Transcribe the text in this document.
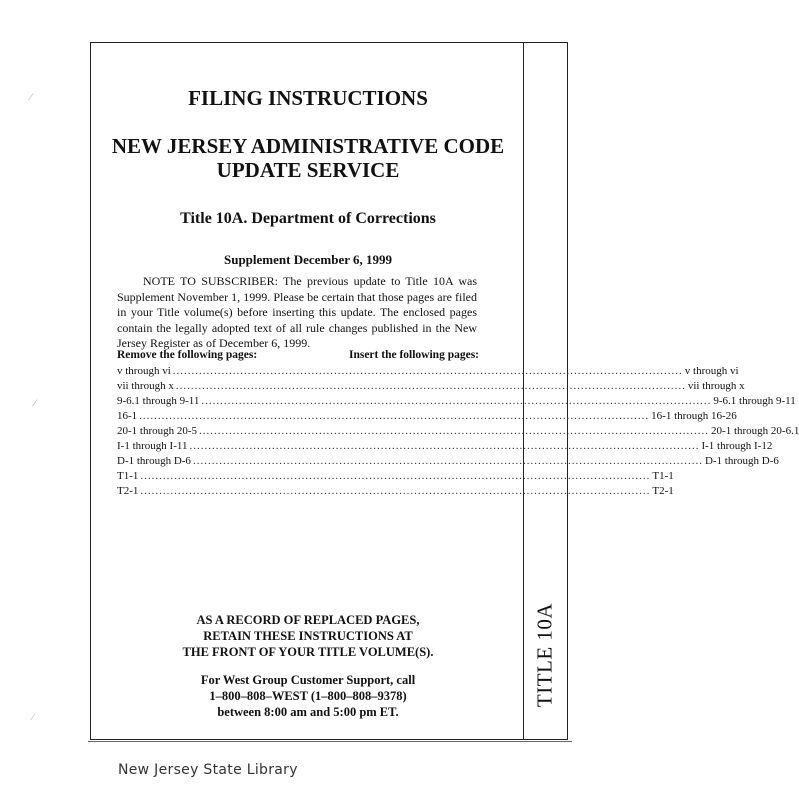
FILING INSTRUCTIONS
NEW JERSEY ADMINISTRATIVE CODE
UPDATE SERVICE
Title 10A. Department of Corrections
Supplement December 6, 1999
NOTE TO SUBSCRIBER: The previous update to Title 10A was Supplement November 1, 1999. Please be certain that those pages are filed in your Title volume(s) before inserting this update. The enclosed pages contain the legally adopted text of all rule changes published in the New Jersey Register as of December 6, 1999.
Remove the following pages:	Insert the following pages:
v through vi ........................................................................................................................................ v through vi
vii through x ........................................................................................................................................ vii through x
9-6.1 through 9-11 ........................................................................................................................................ 9-6.1 through 9-11
16-1 ........................................................................................................................................ 16-1 through 16-26
20-1 through 20-5 ........................................................................................................................................ 20-1 through 20-6.1
I-1 through I-11 ........................................................................................................................................ I-1 through I-12
D-1 through D-6 ........................................................................................................................................ D-1 through D-6
T1-1 ........................................................................................................................................ T1-1
T2-1 ........................................................................................................................................ T2-1
AS A RECORD OF REPLACED PAGES,
RETAIN THESE INSTRUCTIONS AT
THE FRONT OF YOUR TITLE VOLUME(S).
For West Group Customer Support, call
1–800–808–WEST (1–800–808–9378)
between 8:00 am and 5:00 pm ET.
TITLE 10A
New Jersey State Library
∕
∕
∕
